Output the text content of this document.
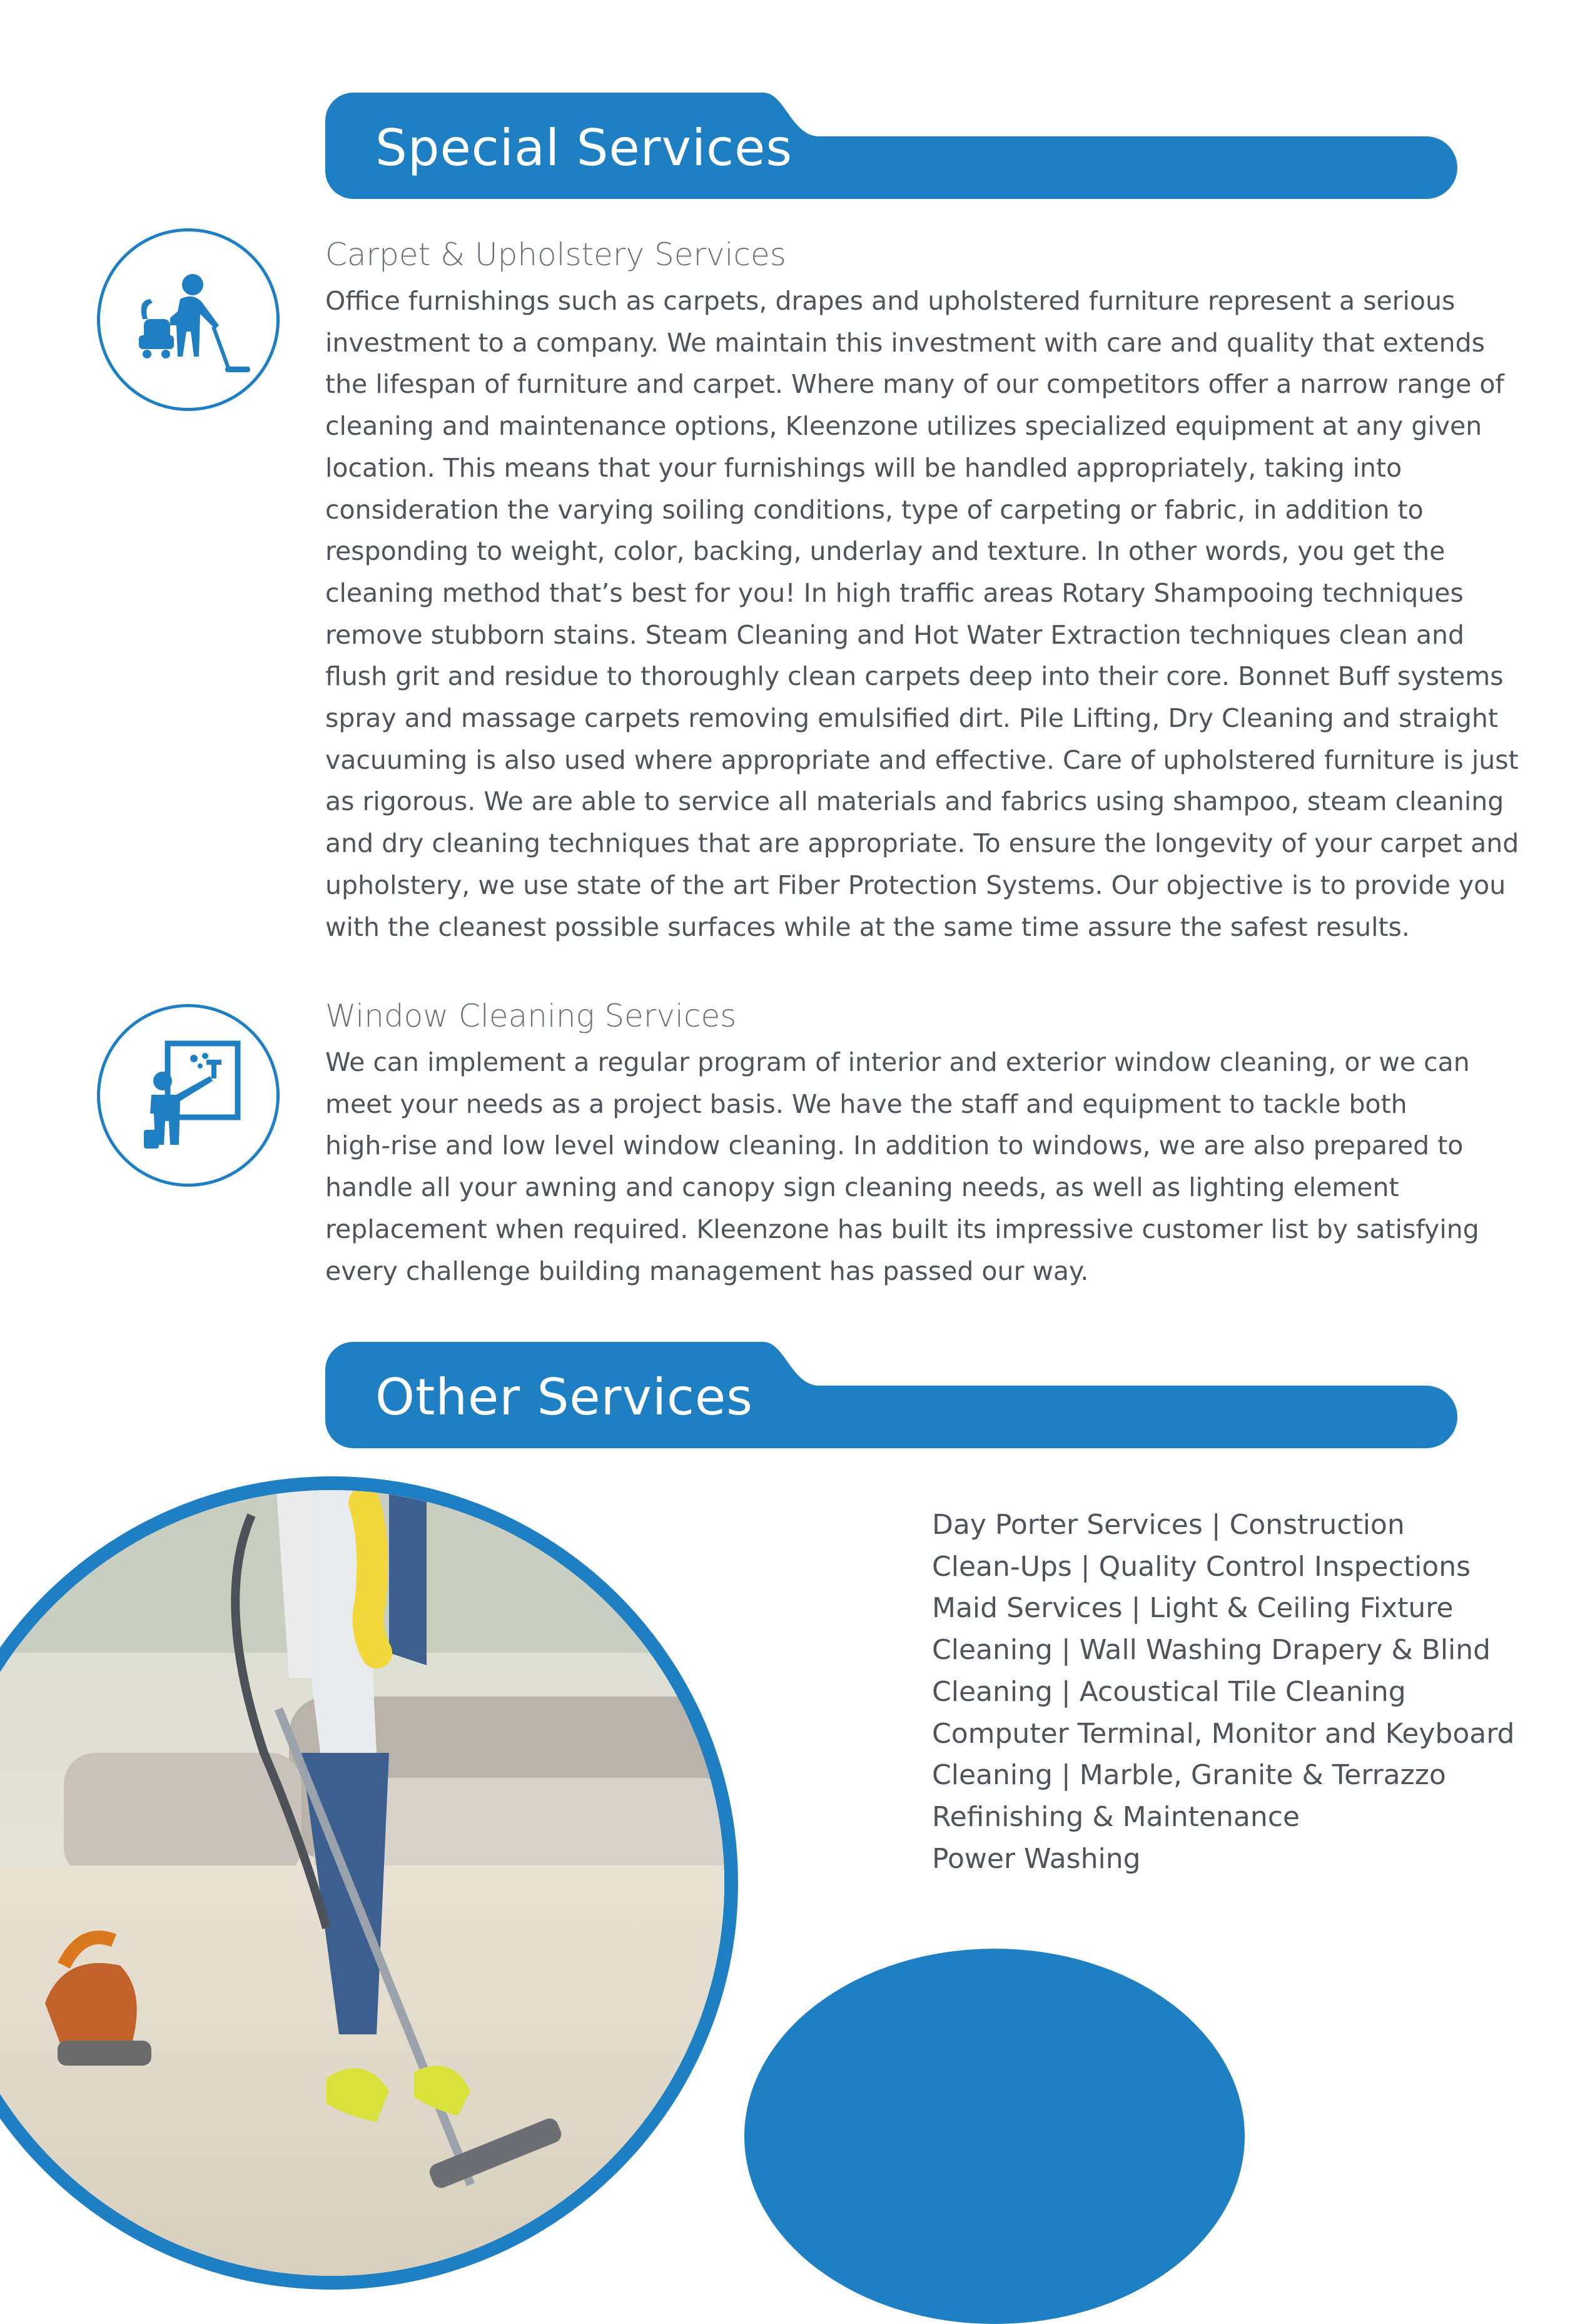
Special Services
Carpet & Upholstery Services
Office furnishings such as carpets, drapes and upholstered furniture represent a serious
investment to a company. We maintain this investment with care and quality that extends
the lifespan of furniture and carpet. Where many of our competitors offer a narrow range of
cleaning and maintenance options, Kleenzone utilizes specialized equipment at any given
location. This means that your furnishings will be handled appropriately, taking into
consideration the varying soiling conditions, type of carpeting or fabric, in addition to
responding to weight, color, backing, underlay and texture. In other words, you get the
cleaning method that’s best for you! In high traffic areas Rotary Shampooing techniques
remove stubborn stains. Steam Cleaning and Hot Water Extraction techniques clean and
flush grit and residue to thoroughly clean carpets deep into their core. Bonnet Buff systems
spray and massage carpets removing emulsified dirt. Pile Lifting, Dry Cleaning and straight
vacuuming is also used where appropriate and effective. Care of upholstered furniture is just
as rigorous. We are able to service all materials and fabrics using shampoo, steam cleaning
and dry cleaning techniques that are appropriate. To ensure the longevity of your carpet and
upholstery, we use state of the art Fiber Protection Systems. Our objective is to provide you
with the cleanest possible surfaces while at the same time assure the safest results.
Window Cleaning Services
We can implement a regular program of interior and exterior window cleaning, or we can
meet your needs as a project basis. We have the staff and equipment to tackle both
high-rise and low level window cleaning. In addition to windows, we are also prepared to
handle all your awning and canopy sign cleaning needs, as well as lighting element
replacement when required. Kleenzone has built its impressive customer list by satisfying
every challenge building management has passed our way.
Other Services
Day Porter Services | Construction
Clean-Ups | Quality Control Inspections
Maid Services | Light & Ceiling Fixture
Cleaning | Wall Washing Drapery & Blind
Cleaning | Acoustical Tile Cleaning
Computer Terminal, Monitor and Keyboard
Cleaning | Marble, Granite & Terrazzo
Refinishing & Maintenance
Power Washing
